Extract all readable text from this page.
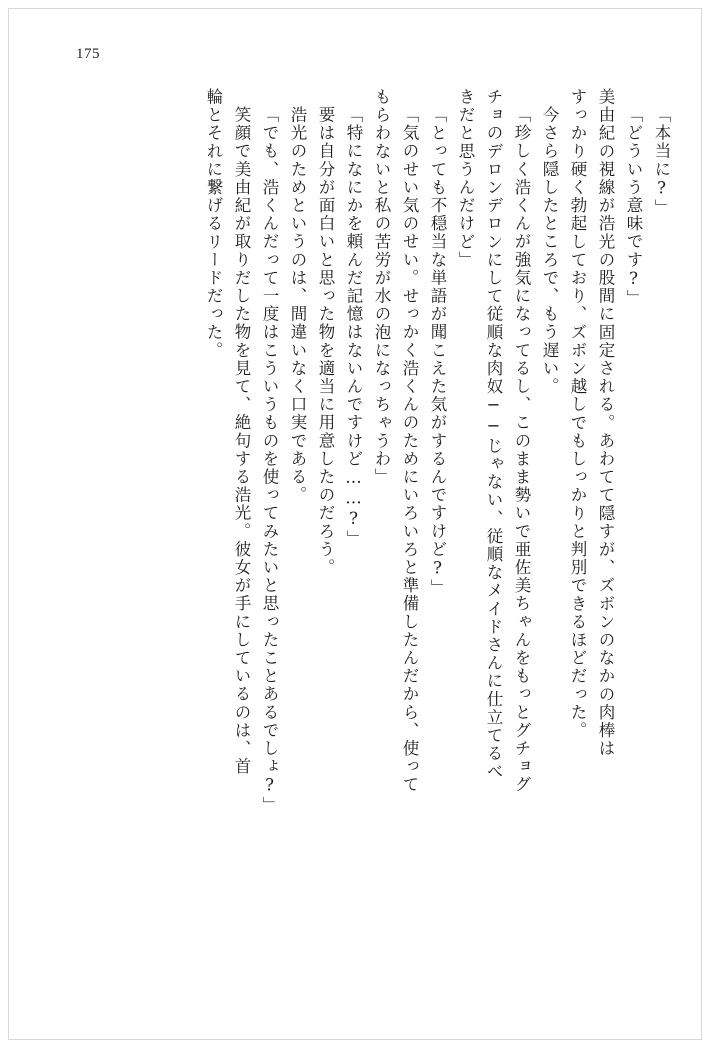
175
「本当に?」
「どういう意味です?」
美由紀の視線が浩光の股間に固定される。あわてて隠すが、ズボンのなかの肉棒は
すっかり硬く勃起しており、ズボン越しでもしっかりと判別できるほどだった。
今さら隠したところで、もう遅い。
「珍しく浩くんが強気になってるし、このまま勢いで亜佐美ちゃんをもっとグチョグ
チョのデロンデロンにして従順な肉奴──じゃない、従順なメイドさんに仕立てるべ
きだと思うんだけど」
「とっても不穏当な単語が聞こえた気がするんですけど?」
「気のせい気のせい。せっかく浩くんのためにいろいろと準備したんだから、使って
もらわないと私の苦労が水の泡になっちゃうわ」
「特になにかを頼んだ記憶はないんですけど……?」
要は自分が面白いと思った物を適当に用意したのだろう。
浩光のためというのは、間違いなく口実である。
「でも、浩くんだって一度はこういうものを使ってみたいと思ったことあるでしょ?」
笑顔で美由紀が取りだした物を見て、絶句する浩光。彼女が手にしているのは、首
輪とそれに繋げるリードだった。
